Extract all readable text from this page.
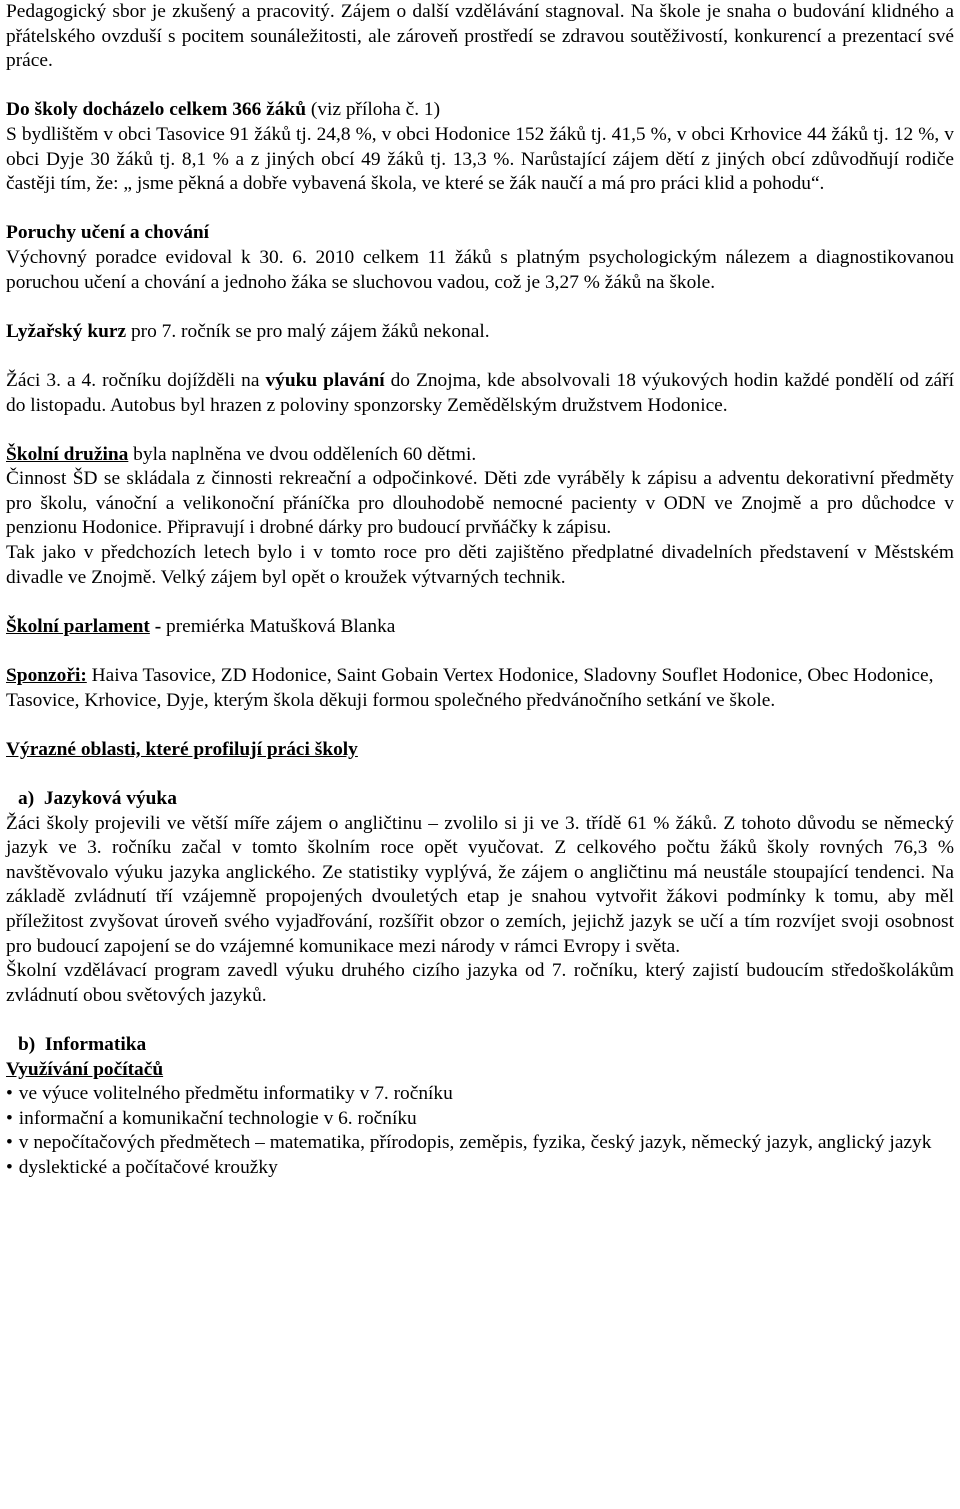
Pedagogický sbor je zkušený a pracovitý. Zájem o další vzdělávání stagnoval. Na škole je snaha o budování klidného a přátelského ovzduší s pocitem sounáležitosti, ale zároveň prostředí se zdravou soutěživostí, konkurencí a prezentací své práce.

Do školy docházelo celkem 366 žáků (viz příloha č. 1)

S bydlištěm v obci Tasovice 91 žáků tj. 24,8 %, v obci Hodonice 152 žáků tj. 41,5 %, v obci Krhovice 44 žáků tj. 12 %, v obci Dyje 30 žáků tj. 8,1 % a z jiných obcí 49 žáků tj. 13,3 %. Narůstající zájem dětí z jiných obcí zdůvodňují rodiče častěji tím, že: „ jsme pěkná a dobře vybavená škola, ve které se žák naučí a má pro práci klid a pohodu“.

Poruchy učení a chování

Výchovný poradce evidoval k 30. 6. 2010 celkem 11 žáků s platným psychologickým nálezem a diagnostikovanou poruchou učení a chování a jednoho žáka se sluchovou vadou, což je 3,27 % žáků na škole.

Lyžařský kurz pro 7. ročník se pro malý zájem žáků nekonal.

Žáci 3. a 4. ročníku dojížděli na výuku plavání do Znojma, kde absolvovali 18 výukových hodin každé pondělí od září do listopadu. Autobus byl hrazen z poloviny sponzorsky Zemědělským družstvem Hodonice.

Školní družina byla naplněna ve dvou odděleních 60 dětmi.

Činnost ŠD se skládala z činnosti rekreační a odpočinkové. Děti zde vyráběly k zápisu a adventu dekorativní předměty pro školu, vánoční a velikonoční přáníčka pro dlouhodobě nemocné pacienty v ODN ve Znojmě a pro důchodce v penzionu Hodonice. Připravují i drobné dárky pro budoucí prvňáčky k zápisu.

Tak jako v předchozích letech bylo i v tomto roce pro děti zajištěno předplatné divadelních představení v Městském divadle ve Znojmě. Velký zájem byl opět o kroužek výtvarných technik.

Školní parlament - premiérka Matušková Blanka

Sponzoři: Haiva Tasovice, ZD Hodonice, Saint Gobain Vertex Hodonice, Sladovny Souflet Hodonice, Obec Hodonice, Tasovice, Krhovice, Dyje, kterým škola děkuji formou společného předvánočního setkání ve škole.

Výrazné oblasti, které profilují práci školy

a)  Jazyková výuka

Žáci školy projevili ve větší míře zájem o angličtinu – zvolilo si ji ve 3. třídě 61 % žáků. Z tohoto důvodu se německý jazyk ve 3. ročníku začal v tomto školním roce opět vyučovat. Z celkového počtu žáků školy rovných 76,3 % navštěvovalo výuku jazyka anglického. Ze statistiky vyplývá, že zájem o angličtinu má neustále stoupající tendenci. Na základě zvládnutí tří vzájemně propojených dvouletých etap je snahou vytvořit žákovi podmínky k tomu, aby měl příležitost zvyšovat úroveň svého vyjadřování, rozšířit obzor o zemích, jejichž jazyk se učí a tím rozvíjet svoji osobnost pro budoucí zapojení se do vzájemné komunikace mezi národy v rámci Evropy i světa.

Školní vzdělávací program zavedl výuku druhého cizího jazyka od 7. ročníku, který zajistí budoucím středoškolákům zvládnutí obou světových jazyků.

b)  Informatika

Využívání počítačů

• ve výuce volitelného předmětu informatiky v 7. ročníku

• informační a komunikační technologie v 6. ročníku

• v nepočítačových předmětech – matematika, přírodopis, zeměpis, fyzika, český jazyk, německý jazyk, anglický jazyk

• dyslektické a počítačové kroužky
